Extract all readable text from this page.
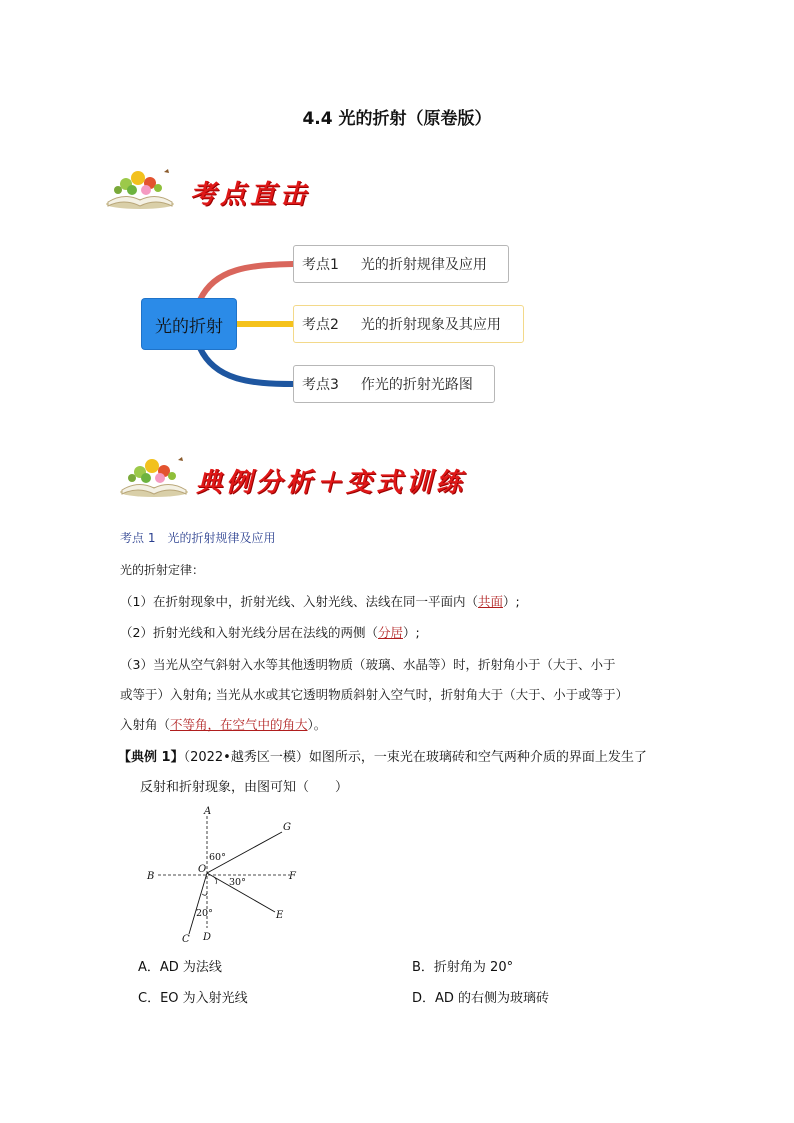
4.4 光的折射（原卷版）
考点直击
光的折射
考点1 光的折射规律及应用
考点2 光的折射现象及其应用
考点3 作光的折射光路图
典例分析＋变式训练
考点 1 光的折射规律及应用
光的折射定律：
（1）在折射现象中，折射光线、入射光线、法线在同一平面内（共面）;
（2）折射光线和入射光线分居在法线的两侧（分居）;
（3）当光从空气斜射入水等其他透明物质（玻璃、水晶等）时，折射角小于（大于、小于
或等于）入射角; 当光从水或其它透明物质斜射入空气时，折射角大于（大于、小于或等于）
入射角（不等角，在空气中的角大）。
【典例 1】（2022•越秀区一模）如图所示，一束光在玻璃砖和空气两种介质的界面上发生了
反射和折射现象，由图可知（　　）
A
G
B	F
O
E
C D
60°
30°
20°
A．AD 为法线	B．折射角为 20°
C．EO 为入射光线	D．AD 的右侧为玻璃砖
